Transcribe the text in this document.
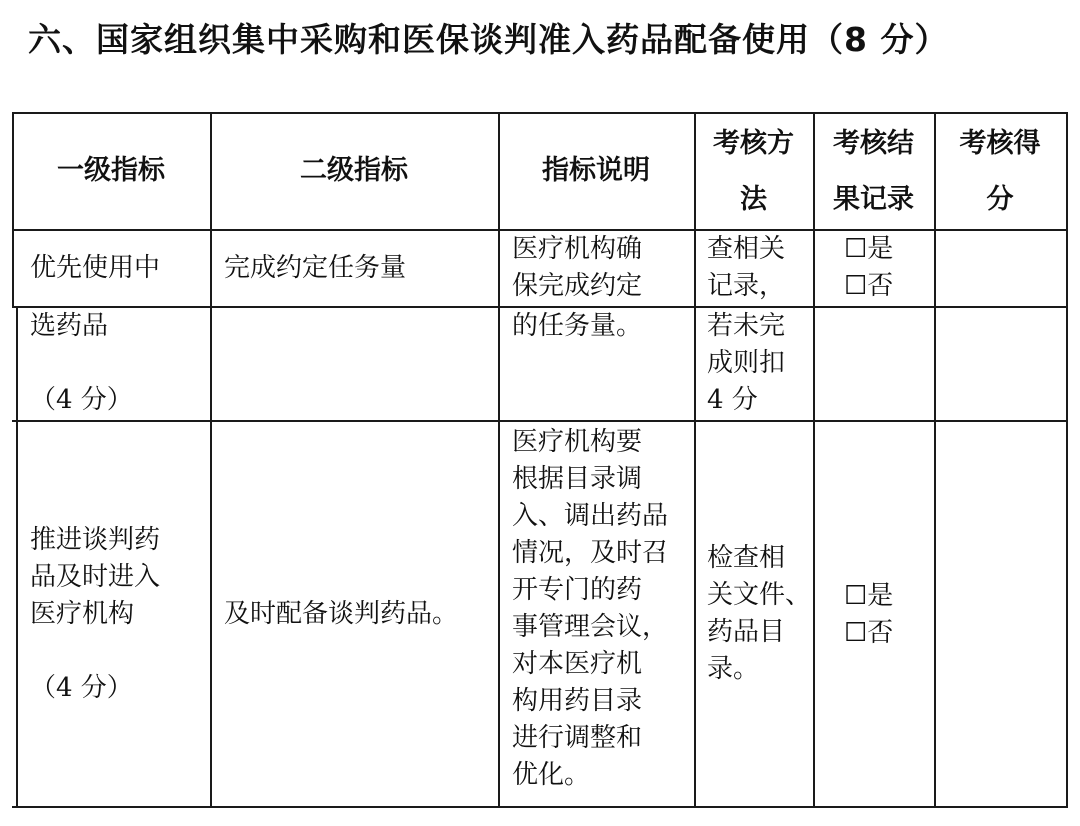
六、国家组织集中采购和医保谈判准入药品配备使用（8 分）
一级指标	二级指标	指标说明
考核方
法
考核结
果记录
考核得
分
优先使用中
选药品

（4 分）
完成约定任务量
医疗机构确
保完成约定
的任务量。
查相关
记录，
若未完
成则扣
4 分
☐是
☐否
推进谈判药
品及时进入
医疗机构

（4 分）
及时配备谈判药品。
医疗机构要
根据目录调
入、调出药品
情况，及时召
开专门的药
事管理会议，
对本医疗机
构用药目录
进行调整和
优化。
检查相
关文件、
药品目
录。
☐是
☐否
